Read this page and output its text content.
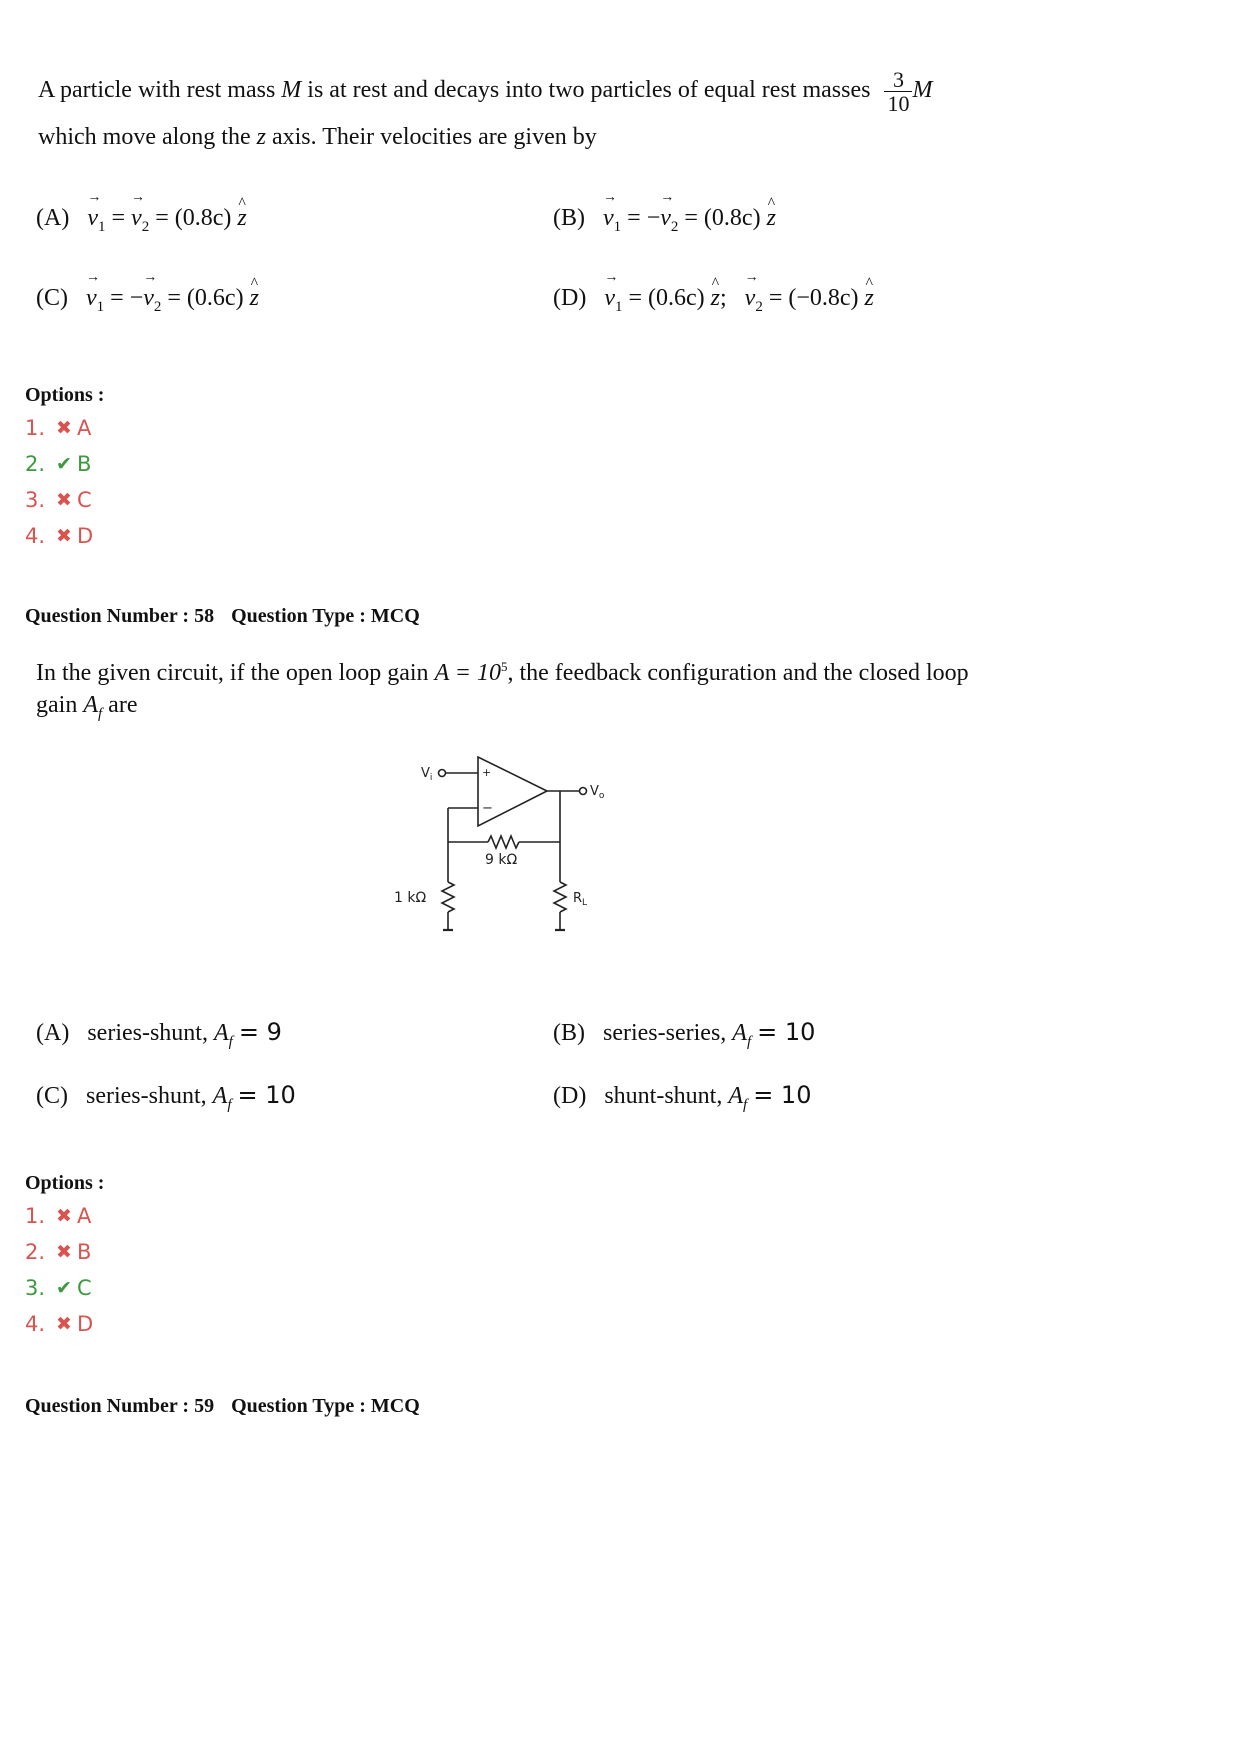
A particle with rest mass M is at rest and decays into two particles of equal rest masses $\frac{3}{10}$ M
which move along the z axis. Their velocities are given by
$(A) \to v_1$ = → $v_2 = (0.8c)$ ^ z	$(B) \to v_1$ = −→ $v_2 = (0.8c)$ ^ z
$(C) \to v_1$ = −→ $v_2 = (0.6c)$ ^ z	$(D) \to v_1 = (0.6c)$ ^ z;   → $v_2 = (-0.8c)$ ^ z
Options :
1. ✖ A
2. ✔ B
3. ✖ C
4. ✖ D
Question Number : 58 Question Type : MCQ
In the given circuit, if the open loop gain $A = 10^5$, the feedback configuration and the closed loop
gain $A_f$ are
+
−
$V_i$
$V_o$
9 kΩ
1 kΩ	$R_L$
(A) series-shunt, $A_f = 9$	(B) series-series, $A_f = 10$
(C) series-shunt, $A_f = 10$	(D) shunt-shunt, $A_f = 10$
Options :
1. ✖ A
2. ✖ B
3. ✔ C
4. ✖ D
Question Number : 59 Question Type : MCQ
